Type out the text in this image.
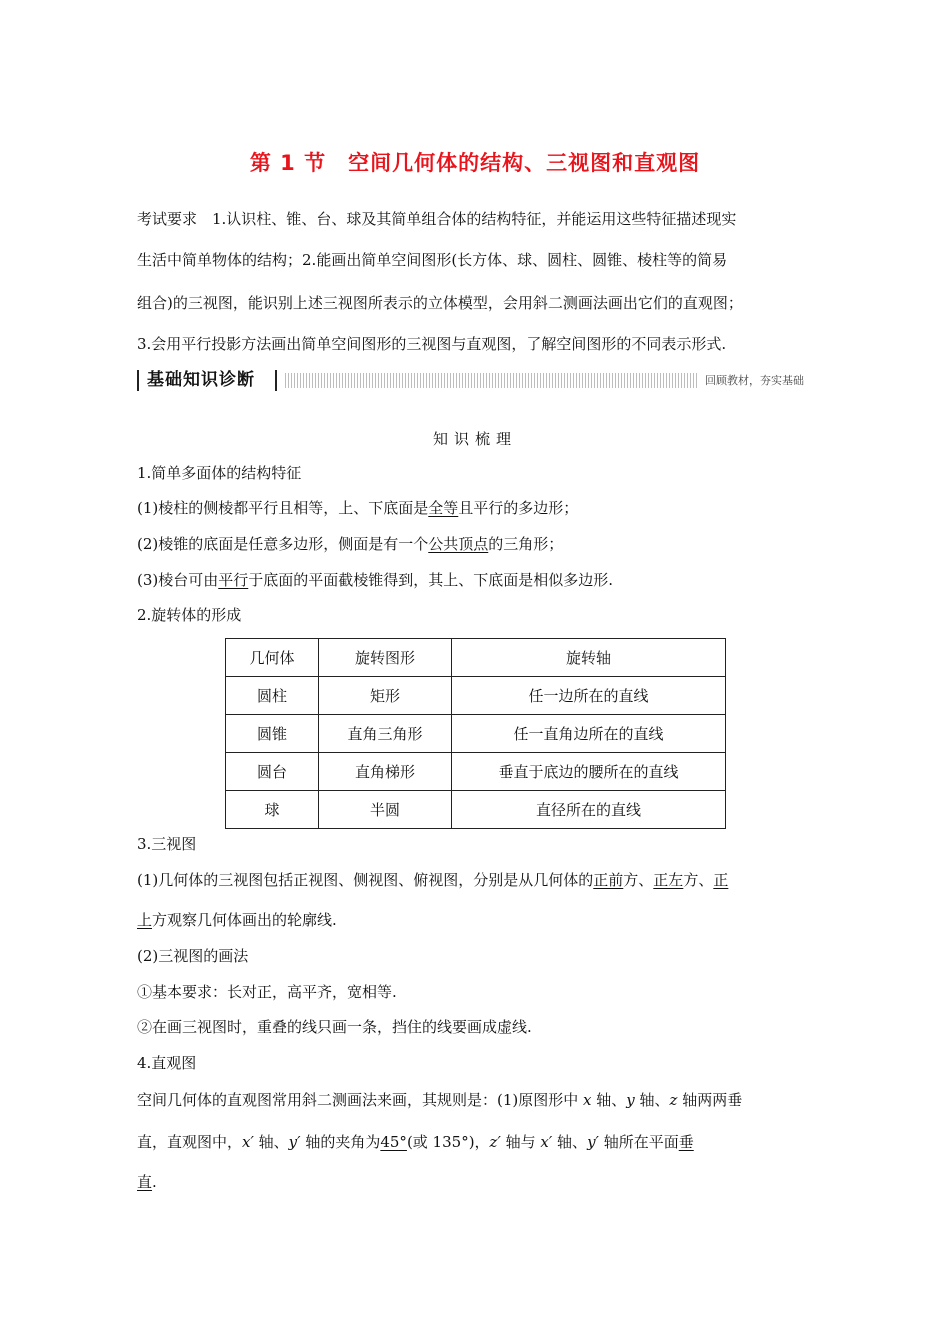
第 1 节　空间几何体的结构、三视图和直观图
考试要求　1.认识柱、锥、台、球及其简单组合体的结构特征，并能运用这些特征描述现实
生活中简单物体的结构；2.能画出简单空间图形(长方体、球、圆柱、圆锥、棱柱等的简易
组合)的三视图，能识别上述三视图所表示的立体模型，会用斜二测画法画出它们的直观图；
3.会用平行投影方法画出简单空间图形的三视图与直观图，了解空间图形的不同表示形式.
基础知识诊断	回顾教材，夯实基础
知识梳理
1.简单多面体的结构特征
(1)棱柱的侧棱都平行且相等，上、下底面是全等且平行的多边形；
(2)棱锥的底面是任意多边形，侧面是有一个公共顶点的三角形；
(3)棱台可由平行于底面的平面截棱锥得到，其上、下底面是相似多边形.
2.旋转体的形成
几何体	旋转图形	旋转轴
圆柱	矩形	任一边所在的直线
圆锥	直角三角形	任一直角边所在的直线
圆台	直角梯形	垂直于底边的腰所在的直线
球	半圆	直径所在的直线
3.三视图
(1)几何体的三视图包括正视图、侧视图、俯视图，分别是从几何体的正前方、正左方、正
上方观察几何体画出的轮廓线.
(2)三视图的画法
①基本要求：长对正，高平齐，宽相等.
②在画三视图时，重叠的线只画一条，挡住的线要画成虚线.
4.直观图
空间几何体的直观图常用斜二测画法来画，其规则是：(1)原图形中 x 轴、y 轴、z 轴两两垂
直，直观图中，x′ 轴、y′ 轴的夹角为45°(或 135°)，z′ 轴与 x′ 轴、y′ 轴所在平面垂
直.
